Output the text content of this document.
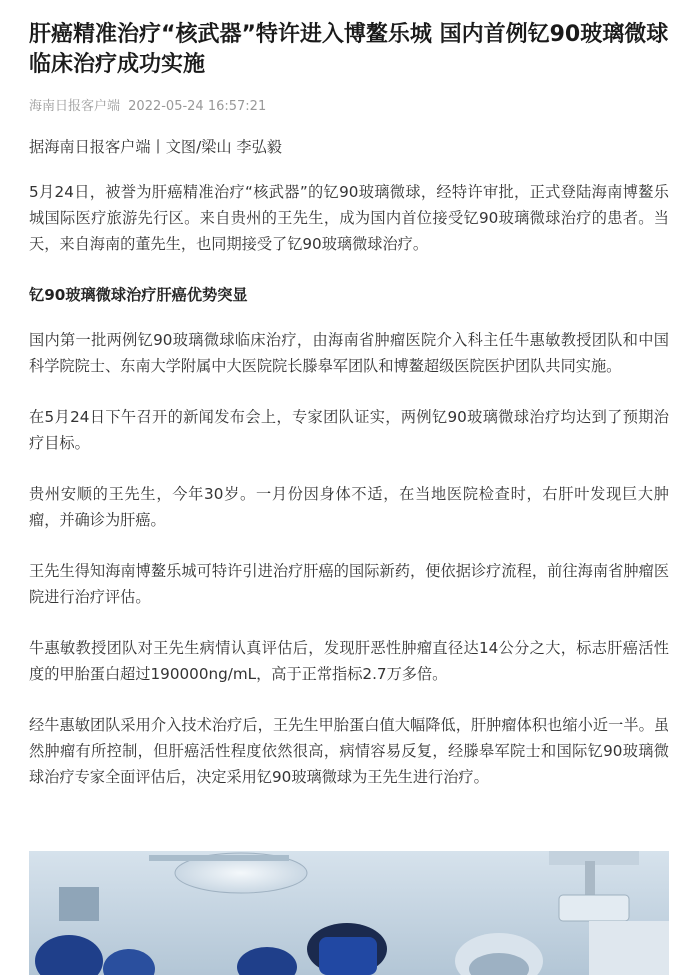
肝癌精准治疗“核武器”特许进入博鳌乐城 国内首例钇90玻璃微球临床治疗成功实施
海南日报客户端 2022-05-24 16:57:21

据海南日报客户端丨文图/梁山 李弘毅

5月24日，被誉为肝癌精准治疗“核武器”的钇90玻璃微球，经特许审批，正式登陆海南博鳌乐城国际医疗旅游先行区。来自贵州的王先生，成为国内首位接受钇90玻璃微球治疗的患者。当天，来自海南的董先生，也同期接受了钇90玻璃微球治疗。

钇90玻璃微球治疗肝癌优势突显

国内第一批两例钇90玻璃微球临床治疗，由海南省肿瘤医院介入科主任牛惠敏教授团队和中国科学院院士、东南大学附属中大医院院长滕皋军团队和博鳌超级医院医护团队共同实施。

在5月24日下午召开的新闻发布会上，专家团队证实，两例钇90玻璃微球治疗均达到了预期治疗目标。

贵州安顺的王先生，今年30岁。一月份因身体不适，在当地医院检查时，右肝叶发现巨大肿瘤，并确诊为肝癌。

王先生得知海南博鳌乐城可特许引进治疗肝癌的国际新药，便依据诊疗流程，前往海南省肿瘤医院进行治疗评估。

牛惠敏教授团队对王先生病情认真评估后，发现肝恶性肿瘤直径达14公分之大，标志肝癌活性度的甲胎蛋白超过190000ng/mL，高于正常指标2.7万多倍。

经牛惠敏团队采用介入技术治疗后，王先生甲胎蛋白值大幅降低，肝肿瘤体积也缩小近一半。虽然肿瘤有所控制，但肝癌活性程度依然很高，病情容易反复，经滕皋军院士和国际钇90玻璃微球治疗专家全面评估后，决定采用钇90玻璃微球为王先生进行治疗。
